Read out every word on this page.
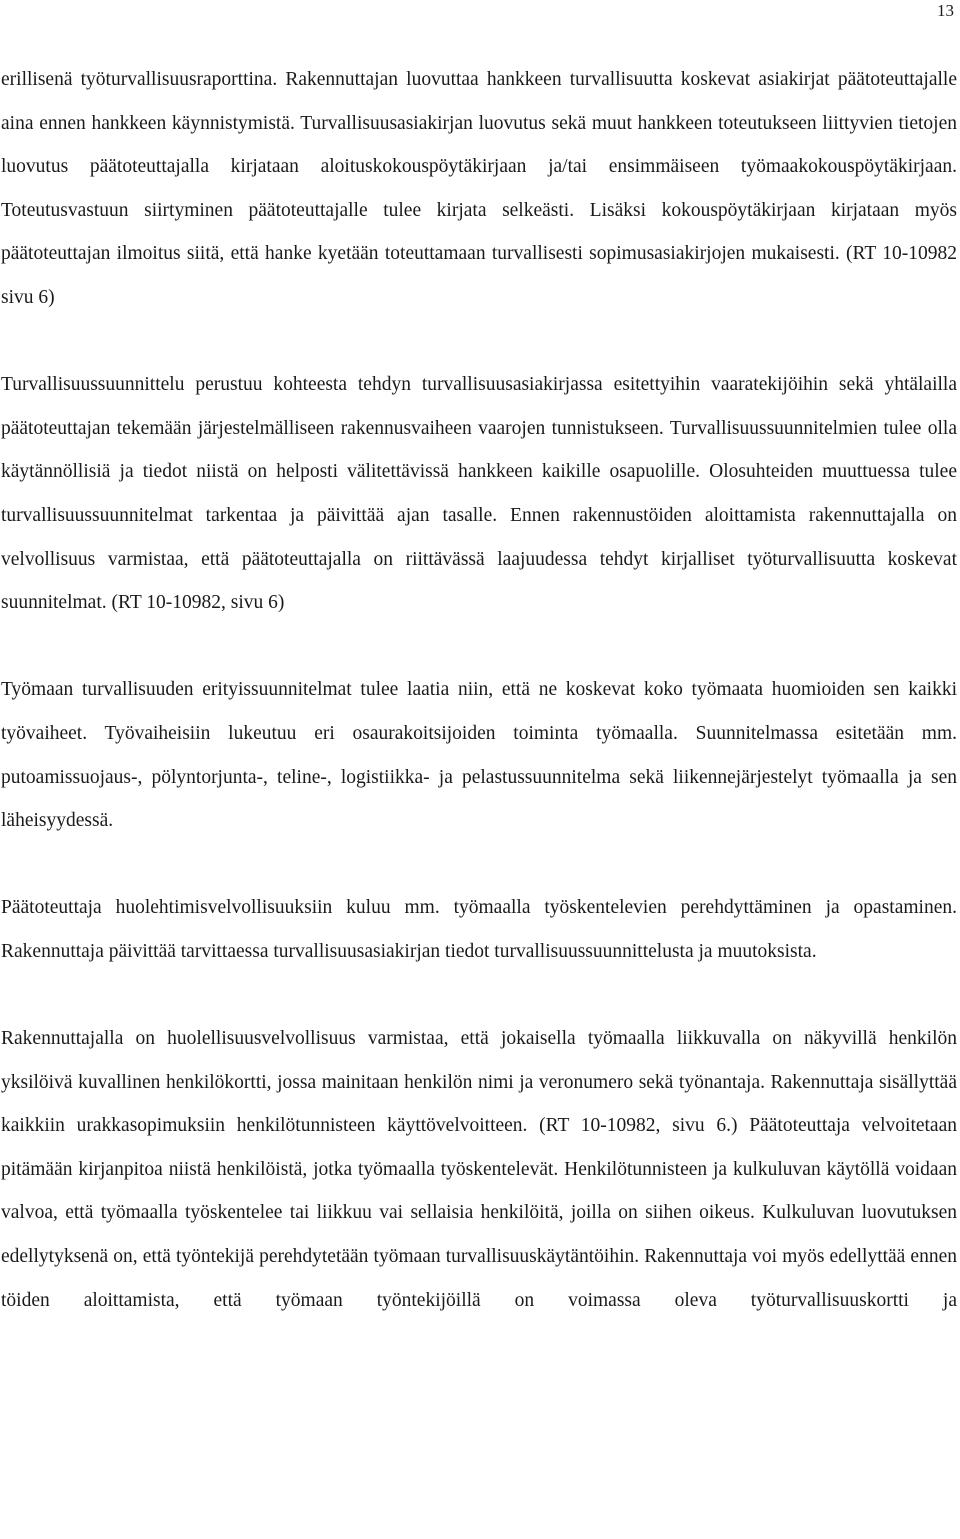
13

erillisenä työturvallisuusraporttina. Rakennuttajan luovuttaa hankkeen turvallisuutta koskevat asiakirjat päätoteuttajalle aina ennen hankkeen käynnistymistä. Turvallisuusasiakirjan luovutus sekä muut hankkeen toteutukseen liittyvien tietojen luovutus päätoteuttajalla kirjataan aloituskokouspöytäkirjaan ja/tai ensimmäiseen työmaakokouspöytäkirjaan. Toteutusvastuun siirtyminen päätoteuttajalle tulee kirjata selkeästi. Lisäksi kokouspöytäkirjaan kirjataan myös päätoteuttajan ilmoitus siitä, että hanke kyetään toteuttamaan turvallisesti sopimusasiakirjojen mukaisesti. (RT 10-10982 sivu 6)

Turvallisuussuunnittelu perustuu kohteesta tehdyn turvallisuusasiakirjassa esitettyihin vaaratekijöihin sekä yhtälailla päätoteuttajan tekemään järjestelmälliseen rakennusvaiheen vaarojen tunnistukseen. Turvallisuussuunnitelmien tulee olla käytännöllisiä ja tiedot niistä on helposti välitettävissä hankkeen kaikille osapuolille. Olosuhteiden muuttuessa tulee turvallisuussuunnitelmat tarkentaa ja päivittää ajan tasalle. Ennen rakennustöiden aloittamista rakennuttajalla on velvollisuus varmistaa, että päätoteuttajalla on riittävässä laajuudessa tehdyt kirjalliset työturvallisuutta koskevat suunnitelmat. (RT 10-10982, sivu 6)

Työmaan turvallisuuden erityissuunnitelmat tulee laatia niin, että ne koskevat koko työmaata huomioiden sen kaikki työvaiheet. Työvaiheisiin lukeutuu eri osaurakoitsijoiden toiminta työmaalla. Suunnitelmassa esitetään mm. putoamissuojaus-, pölyntorjunta-, teline-, logistiikka- ja pelastussuunnitelma sekä liikennejärjestelyt työmaalla ja sen läheisyydessä.

Päätoteuttaja huolehtimisvelvollisuuksiin kuluu mm. työmaalla työskentelevien perehdyttäminen ja opastaminen. Rakennuttaja päivittää tarvittaessa turvallisuusasiakirjan tiedot turvallisuussuunnittelusta ja muutoksista.

Rakennuttajalla on huolellisuusvelvollisuus varmistaa, että jokaisella työmaalla liikkuvalla on näkyvillä henkilön yksilöivä kuvallinen henkilökortti, jossa mainitaan henkilön nimi ja veronumero sekä työnantaja. Rakennuttaja sisällyttää kaikkiin urakkasopimuksiin henkilötunnisteen käyttövelvoitteen. (RT 10-10982, sivu 6.) Päätoteuttaja velvoitetaan pitämään kirjanpitoa niistä henkilöistä, jotka työmaalla työskentelevät. Henkilötunnisteen ja kulkuluvan käytöllä voidaan valvoa, että työmaalla työskentelee tai liikkuu vai sellaisia henkilöitä, joilla on siihen oikeus. Kulkuluvan luovutuksen edellytyksenä on, että työntekijä perehdytetään työmaan turvallisuuskäytäntöihin. Rakennuttaja voi myös edellyttää ennen töiden aloittamista, että työmaan työntekijöillä on voimassa oleva työturvallisuuskortti ja
